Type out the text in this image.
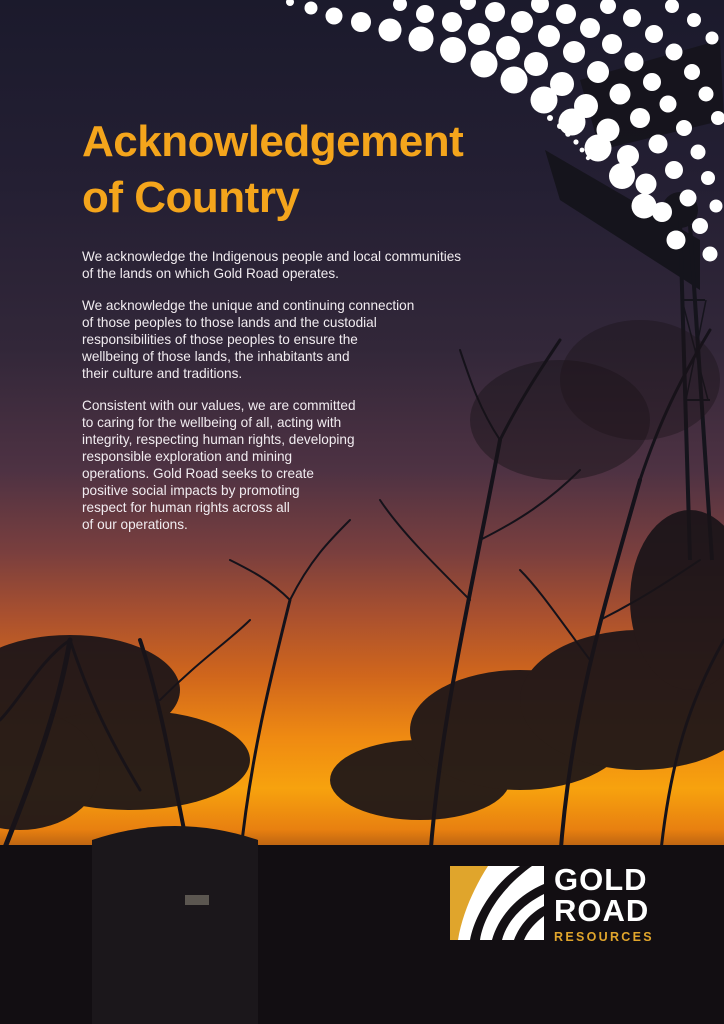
Acknowledgement
of Country

We acknowledge the Indigenous people and local communities
of the lands on which Gold Road operates.

We acknowledge the unique and continuing connection
of those peoples to those lands and the custodial
responsibilities of those peoples to ensure the
wellbeing of those lands, the inhabitants and
their culture and traditions.

Consistent with our values, we are committed
to caring for the wellbeing of all, acting with
integrity, respecting human rights, developing
responsible exploration and mining
operations. Gold Road seeks to create
positive social impacts by promoting
respect for human rights across all
of our operations.

GOLD
ROAD
RESOURCES
